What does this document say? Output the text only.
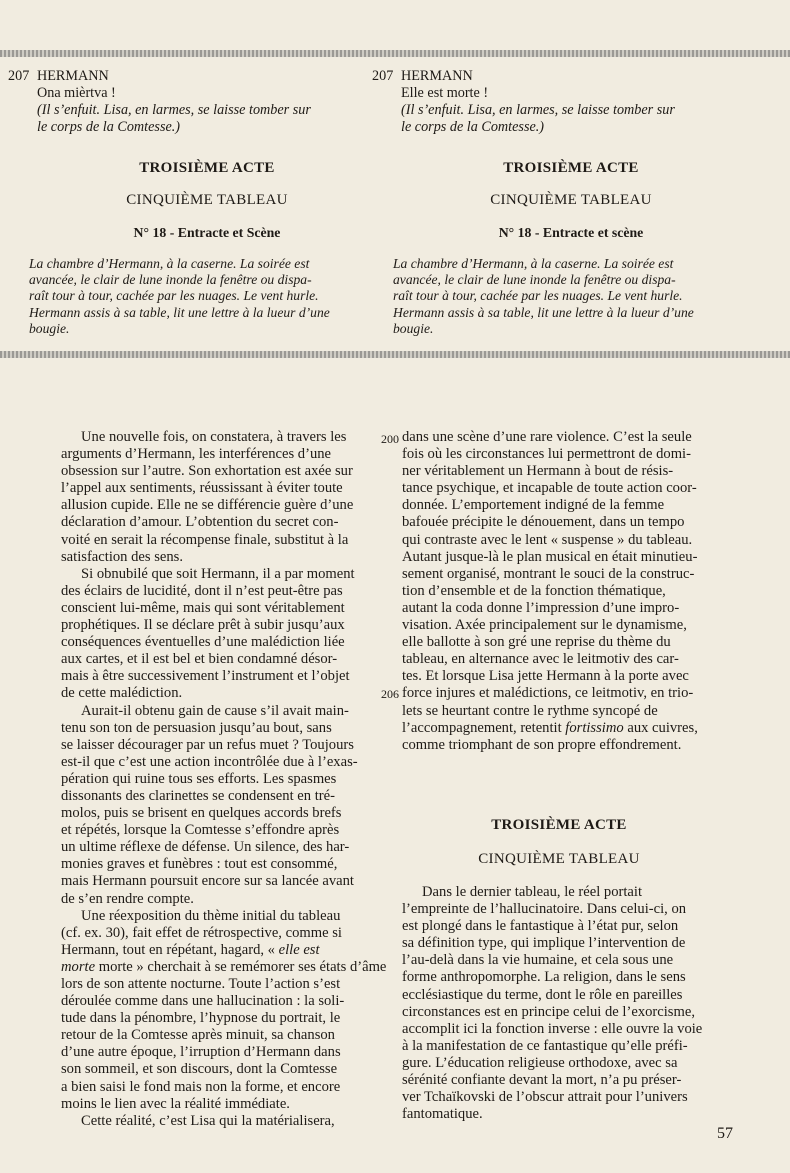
207 HERMANN
Ona mièrtva !
(Il s’enfuit. Lisa, en larmes, se laisse tomber sur
le corps de la Comtesse.)
TROISIÈME ACTE
CINQUIÈME TABLEAU
N° 18 - Entracte et Scène
La chambre d’Hermann, à la caserne. La soirée est
avancée, le clair de lune inonde la fenêtre ou dispa-
raît tour à tour, cachée par les nuages. Le vent hurle.
Hermann assis à sa table, lit une lettre à la lueur d’une
bougie.
207 HERMANN
Elle est morte !
(Il s’enfuit. Lisa, en larmes, se laisse tomber sur
le corps de la Comtesse.)
TROISIÈME ACTE
CINQUIÈME TABLEAU
N° 18 - Entracte et scène
La chambre d’Hermann, à la caserne. La soirée est
avancée, le clair de lune inonde la fenêtre ou dispa-
raît tour à tour, cachée par les nuages. Le vent hurle.
Hermann assis à sa table, lit une lettre à la lueur d’une
bougie.
Une nouvelle fois, on constatera, à travers les
arguments d’Hermann, les interférences d’une
obsession sur l’autre. Son exhortation est axée sur
l’appel aux sentiments, réussissant à éviter toute
allusion cupide. Elle ne se différencie guère d’une
déclaration d’amour. L’obtention du secret con-
voité en serait la récompense finale, substitut à la
satisfaction des sens.
Si obnubilé que soit Hermann, il a par moment
des éclairs de lucidité, dont il n’est peut-être pas
conscient lui-même, mais qui sont véritablement
prophétiques. Il se déclare prêt à subir jusqu’aux
conséquences éventuelles d’une malédiction liée
aux cartes, et il est bel et bien condamné désor-
mais à être successivement l’instrument et l’objet
de cette malédiction.
Aurait-il obtenu gain de cause s’il avait main-
tenu son ton de persuasion jusqu’au bout, sans
se laisser décourager par un refus muet ? Toujours
est-il que c’est une action incontrôlée due à l’exas-
pération qui ruine tous ses efforts. Les spasmes
dissonants des clarinettes se condensent en tré-
molos, puis se brisent en quelques accords brefs
et répétés, lorsque la Comtesse s’effondre après
un ultime réflexe de défense. Un silence, des har-
monies graves et funèbres : tout est consommé,
mais Hermann poursuit encore sur sa lancée avant
de s’en rendre compte.
Une réexposition du thème initial du tableau
(cf. ex. 30), fait effet de rétrospective, comme si
Hermann, tout en répétant, hagard, « elle est
morte morte » cherchait à se remémorer ses états d’âme
lors de son attente nocturne. Toute l’action s’est
déroulée comme dans une hallucination : la soli-
tude dans la pénombre, l’hypnose du portrait, le
retour de la Comtesse après minuit, sa chanson
d’une autre époque, l’irruption d’Hermann dans
son sommeil, et son discours, dont la Comtesse
a bien saisi le fond mais non la forme, et encore
moins le lien avec la réalité immédiate.
Cette réalité, c’est Lisa qui la matérialisera,
200
206
dans une scène d’une rare violence. C’est la seule
fois où les circonstances lui permettront de domi-
ner véritablement un Hermann à bout de résis-
tance psychique, et incapable de toute action coor-
donnée. L’emportement indigné de la femme
bafouée précipite le dénouement, dans un tempo
qui contraste avec le lent « suspense » du tableau.
Autant jusque-là le plan musical en était minutieu-
sement organisé, montrant le souci de la construc-
tion d’ensemble et de la fonction thématique,
autant la coda donne l’impression d’une impro-
visation. Axée principalement sur le dynamisme,
elle ballotte à son gré une reprise du thème du
tableau, en alternance avec le leitmotiv des car-
tes. Et lorsque Lisa jette Hermann à la porte avec
force injures et malédictions, ce leitmotiv, en trio-
lets se heurtant contre le rythme syncopé de
l’accompagnement, retentit fortissimo aux cuivres,
comme triomphant de son propre effondrement.
TROISIÈME ACTE
CINQUIÈME TABLEAU
Dans le dernier tableau, le réel portait
l’empreinte de l’hallucinatoire. Dans celui-ci, on
est plongé dans le fantastique à l’état pur, selon
sa définition type, qui implique l’intervention de
l’au-delà dans la vie humaine, et cela sous une
forme anthropomorphe. La religion, dans le sens
ecclésiastique du terme, dont le rôle en pareilles
circonstances est en principe celui de l’exorcisme,
accomplit ici la fonction inverse : elle ouvre la voie
à la manifestation de ce fantastique qu’elle préfi-
gure. L’éducation religieuse orthodoxe, avec sa
sérénité confiante devant la mort, n’a pu préser-
ver Tchaïkovski de l’obscur attrait pour l’univers
fantomatique.
57
